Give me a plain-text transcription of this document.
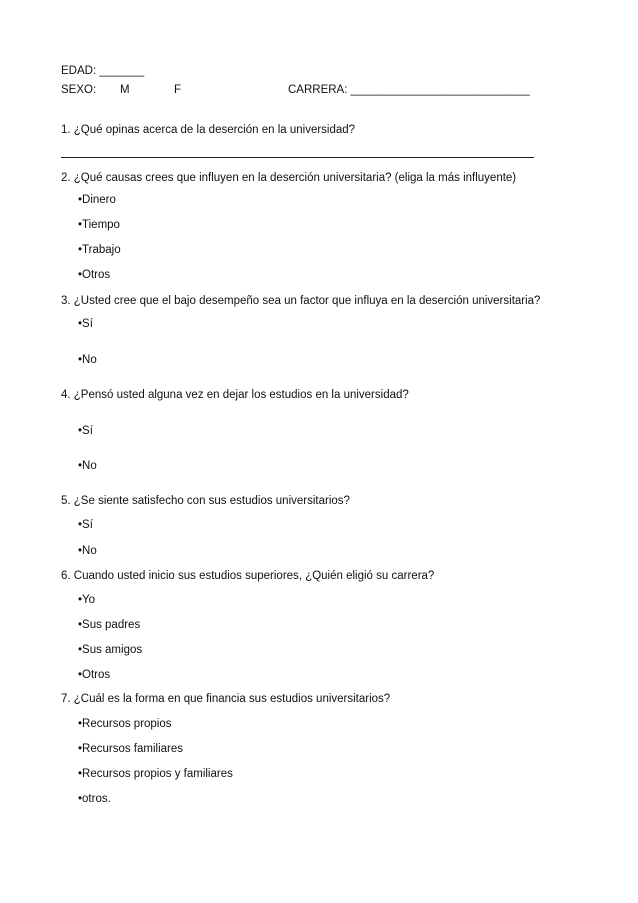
EDAD: _______
SEXO: M	F	CARRERA: ____________________________
1. ¿Qué opinas acerca de la deserción en la universidad?
2. ¿Qué causas crees que influyen en la deserción universitaria? (eliga la más influyente)
•Dinero
•Tiempo
•Trabajo
•Otros
3. ¿Usted cree que el bajo desempeño sea un factor que influya en la deserción universitaria?
•Sí
•No
4. ¿Pensó usted alguna vez en dejar los estudios en la universidad?
•Sí
•No
5. ¿Se siente satisfecho con sus estudios universitarios?
•Sí
•No
6. Cuando usted inicio sus estudios superiores, ¿Quién eligió su carrera?
•Yo
•Sus padres
•Sus amigos
•Otros
7. ¿Cuál es la forma en que financia sus estudios universitarios?
•Recursos propios
•Recursos familiares
•Recursos propios y familiares
•otros.
